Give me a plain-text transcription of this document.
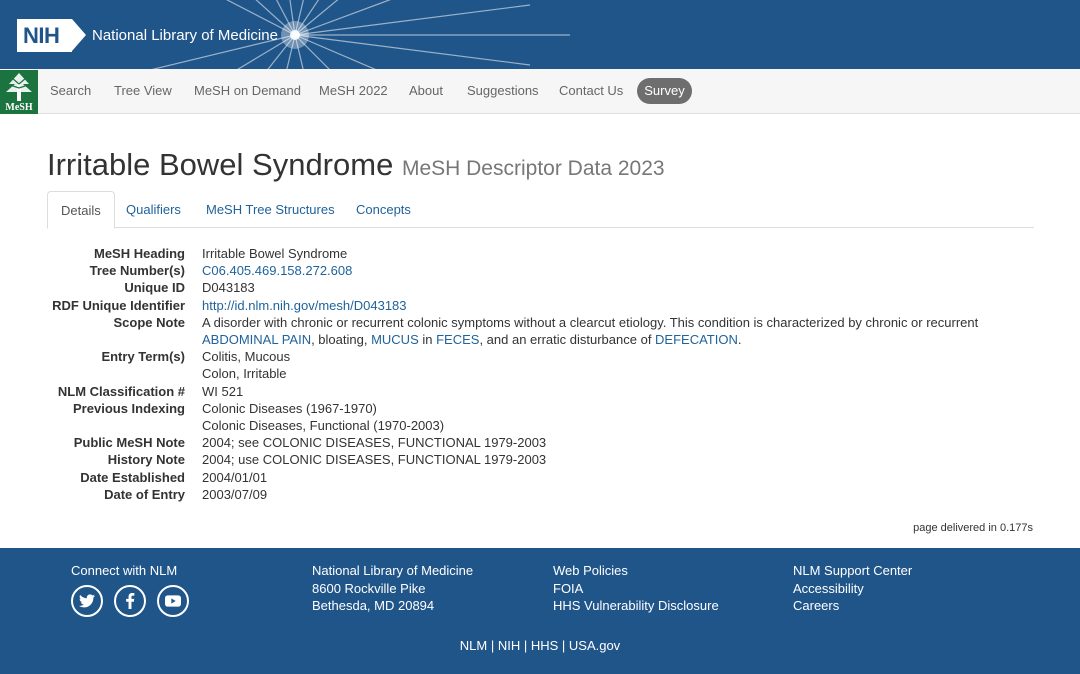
NIH	National Library of Medicine
MeSH
Search Tree View MeSH on Demand MeSH 2022 About Suggestions Contact Us	Survey
Irritable Bowel Syndrome MeSH Descriptor Data 2023
Details	Qualifiers	MeSH Tree Structures	Concepts
MeSH Heading Irritable Bowel Syndrome
Tree Number(s) C06.405.469.158.272.608
Unique ID D043183
RDF Unique Identifier http://id.nlm.nih.gov/mesh/D043183
Scope Note A disorder with chronic or recurrent colonic symptoms without a clearcut etiology. This condition is characterized by chronic or recurrent ABDOMINAL PAIN, bloating, MUCUS in FECES, and an erratic disturbance of DEFECATION.
Entry Term(s) Colitis, Mucous
Colon, Irritable
NLM Classification # WI 521
Previous Indexing Colonic Diseases (1967-1970)
Colonic Diseases, Functional (1970-2003)
Public MeSH Note 2004; see COLONIC DISEASES, FUNCTIONAL 1979-2003
History Note 2004; use COLONIC DISEASES, FUNCTIONAL 1979-2003
Date Established 2004/01/01
Date of Entry 2003/07/09
page delivered in 0.177s
Connect with NLM	National Library of Medicine
8600 Rockville Pike
Bethesda, MD 20894
Web Policies
FOIA
HHS Vulnerability Disclosure
NLM Support Center
Accessibility
Careers
NLM | NIH | HHS | USA.gov
